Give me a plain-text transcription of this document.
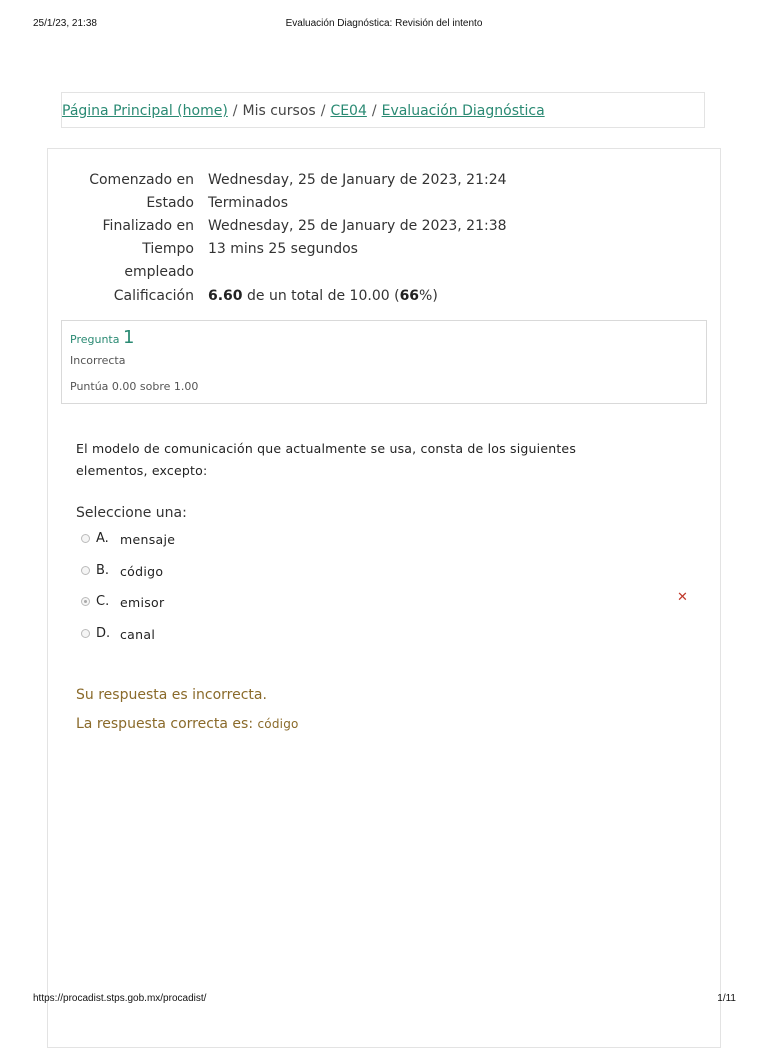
25/1/23, 21:38	Evaluación Diagnóstica: Revisión del intento
Página Principal (home) / Mis cursos / CE04 / Evaluación Diagnóstica
Comenzado en Wednesday, 25 de January de 2023, 21:24
Estado Terminados
Finalizado en Wednesday, 25 de January de 2023, 21:38
Tiempo 13 mins 25 segundos
empleado
Calificación 6.60 de un total de 10.00 (66%)
Pregunta 1
Incorrecta
Puntúa 0.00 sobre 1.00
El modelo de comunicación que actualmente se usa, consta de los siguientes
elementos, excepto:
Seleccione una:
A. mensaje
B. código
C. emisor
D. canal
✕
Su respuesta es incorrecta.
La respuesta correcta es: código
https://procadist.stps.gob.mx/procadist/	1/11
